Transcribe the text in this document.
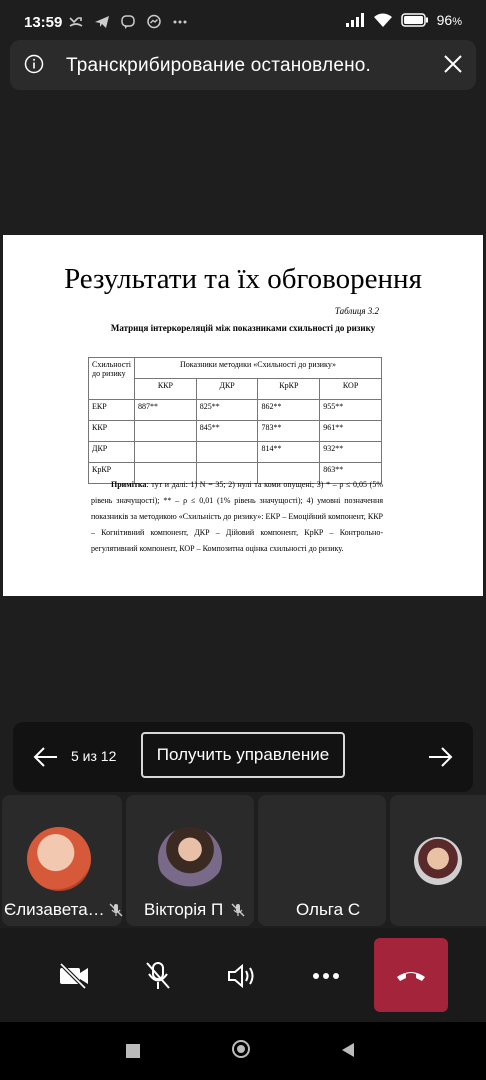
13:59	96%
Транскрибирование остановлено.
Результати та їх обговорення
Таблиця 3.2
Матриця інтеркореляцій між показниками схильності до ризику
Схильності до ризику	Показники методики «Схильності до ризику»			
	ККР	ДКР	КрКР	КОР
ЕКР	887**	825**	862**	955**
ККР		845**	783**	961**
ДКР			814**	932**
КрКР				863**
Примітка: тут и далі: 1) N = 35; 2) нулі та коми опущені; 3) * – ρ ≤ 0,05 (5% рівень значущості); ** – ρ ≤ 0,01 (1% рівень значущості); 4) умовні позначення показників за методикою «Схильність до ризику»: ЕКР – Емоційний компонент, ККР – Когнітивний компонент, ДКР – Дійовий компонент, КрКР – Контрольно-регулятивний компонент, КОР – Композитна оцінка схильності до ризику.
5 из 12	Получить управление
Єлизавета… Вікторія П	Ольга С
